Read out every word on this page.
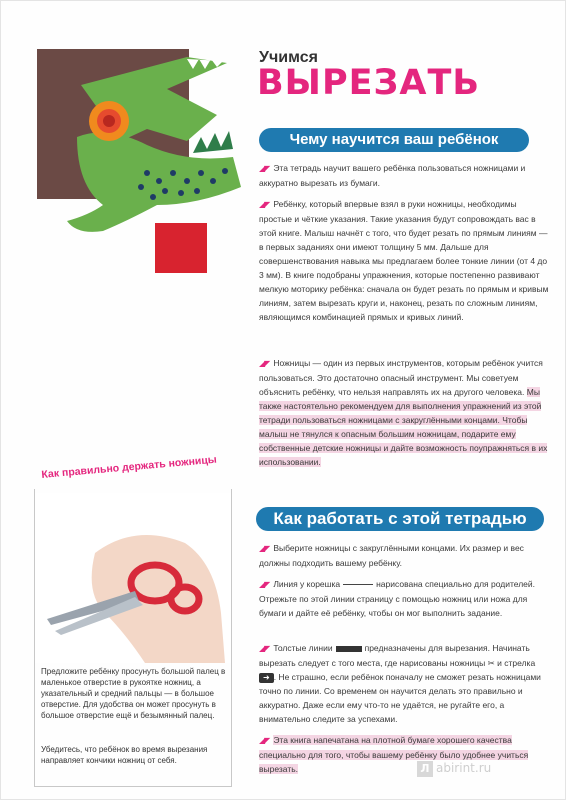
Учимся
ВЫРЕЗАТЬ
Чему научится ваш ребёнок
◢◤ Эта тетрадь научит вашего ребёнка пользоваться ножницами и аккуратно вырезать из бумаги.
◢◤ Ребёнку, который впервые взял в руки ножницы, необходимы простые и чёткие указания. Такие указания будут сопровождать вас в этой книге. Малыш начнёт с того, что будет резать по прямым линиям — в первых заданиях они имеют толщину 5 мм. Дальше для совершенствования навыка мы предлагаем более тонкие линии (от 4 до 3 мм). В книге подобраны упражнения, которые постепенно развивают мелкую моторику ребёнка: сначала он будет резать по прямым и кривым линиям, затем вырезать круги и, наконец, резать по сложным линиям, являющимся комбинацией прямых и кривых линий.
◢◤ Ножницы — один из первых инструментов, которым ребёнок учится пользоваться. Это достаточно опасный инструмент. Мы советуем объяснить ребёнку, что нельзя направлять их на другого человека. Мы также настоятельно рекомендуем для выполнения упражнений из этой тетради пользоваться ножницами с закруглёнными концами. Чтобы малыш не тянулся к опасным большим ножницам, подарите ему собственные детские ножницы и дайте возможность поупражняться в их использовании.
Как работать с этой тетрадью
◢◤ Выберите ножницы с закруглёнными концами. Их размер и вес должны подходить вашему ребёнку.
◢◤ Линия у корешка	нарисована специально для родителей. Отрежьте по этой линии страницу с помощью ножниц или ножа для бумаги и дайте её ребёнку, чтобы он мог выполнить задание.
◢◤ Толстые линии	предназначены для вырезания. Начинать вырезать следует с того места, где нарисованы ножницы ✂ и стрелка ➜ . Не страшно, если ребёнок поначалу не сможет резать ножницами точно по линии. Со временем он научится делать это правильно и аккуратно. Даже если ему что-то не удаётся, не ругайте его, а внимательно следите за успехами.
◢◤ Эта книга напечатана на плотной бумаге хорошего качества специально для того, чтобы вашему ребёнку было удобнее учиться вырезать.
Как правильно держать ножницы
Предложите ребёнку просунуть большой палец в маленькое отверстие в рукоятке ножниц, а указательный и средний пальцы — в большое отверстие. Для удобства он может просунуть в большое отверстие ещё и безымянный палец.
Убедитесь, что ребёнок во время вырезания направляет кончики ножниц от себя.
Л abirint.ru
